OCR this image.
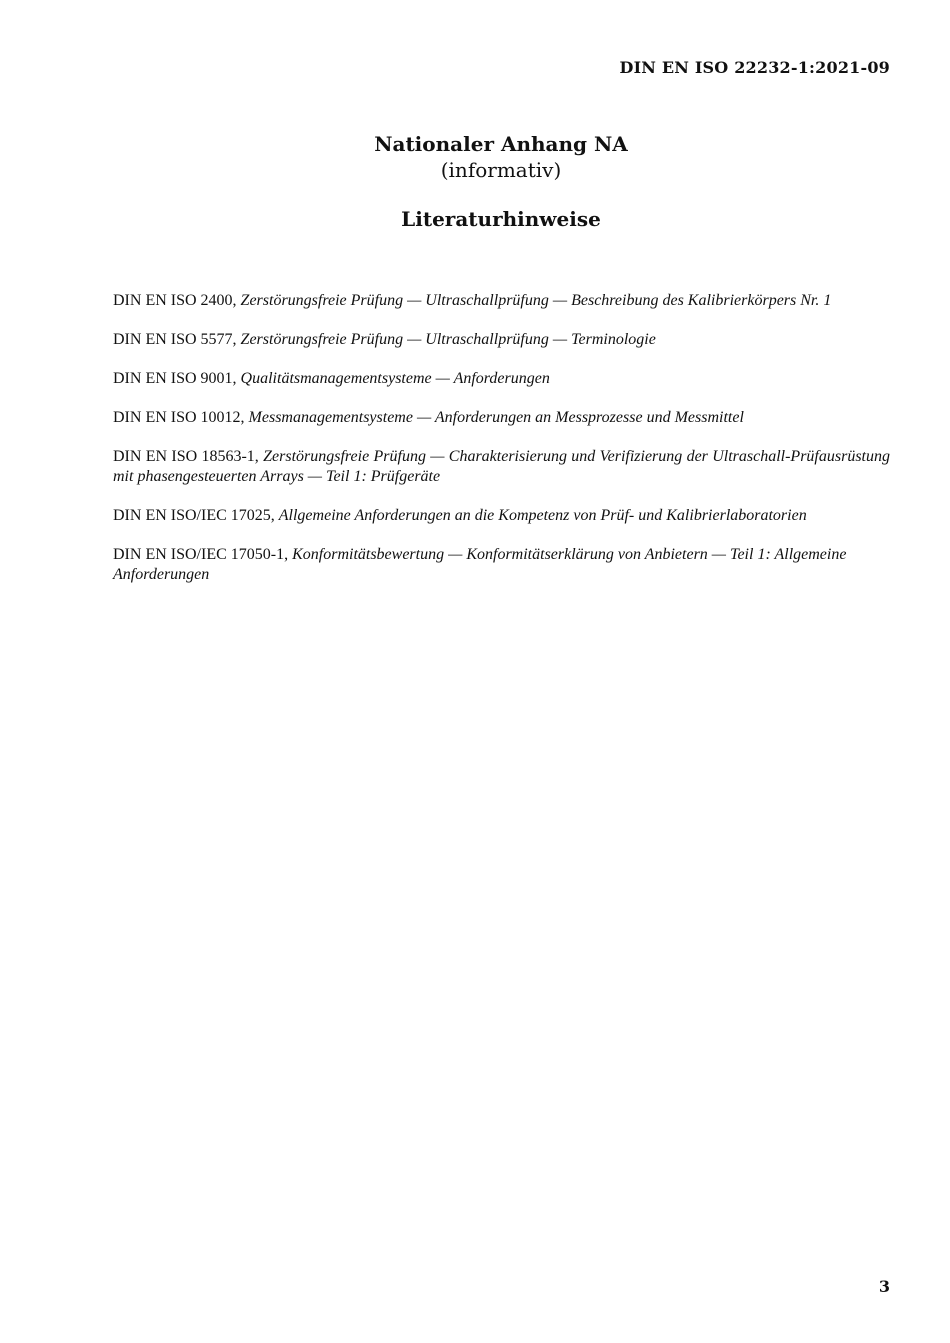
DIN EN ISO 22232-1:2021-09
Nationaler Anhang NA
(informativ)
Literaturhinweise

DIN EN ISO 2400, Zerstörungsfreie Prüfung — Ultraschallprüfung — Beschreibung des Kalibrierkörpers Nr. 1

DIN EN ISO 5577, Zerstörungsfreie Prüfung — Ultraschallprüfung — Terminologie

DIN EN ISO 9001, Qualitätsmanagementsysteme — Anforderungen

DIN EN ISO 10012, Messmanagementsysteme — Anforderungen an Messprozesse und Messmittel

DIN EN ISO 18563-1, Zerstörungsfreie Prüfung — Charakterisierung und Verifizierung der Ultraschall-Prüfausrüstung mit phasengesteuerten Arrays — Teil 1: Prüfgeräte

DIN EN ISO/IEC 17025, Allgemeine Anforderungen an die Kompetenz von Prüf- und Kalibrierlaboratorien

DIN EN ISO/IEC 17050-1, Konformitätsbewertung — Konformitätserklärung von Anbietern — Teil 1: Allgemeine Anforderungen

3
